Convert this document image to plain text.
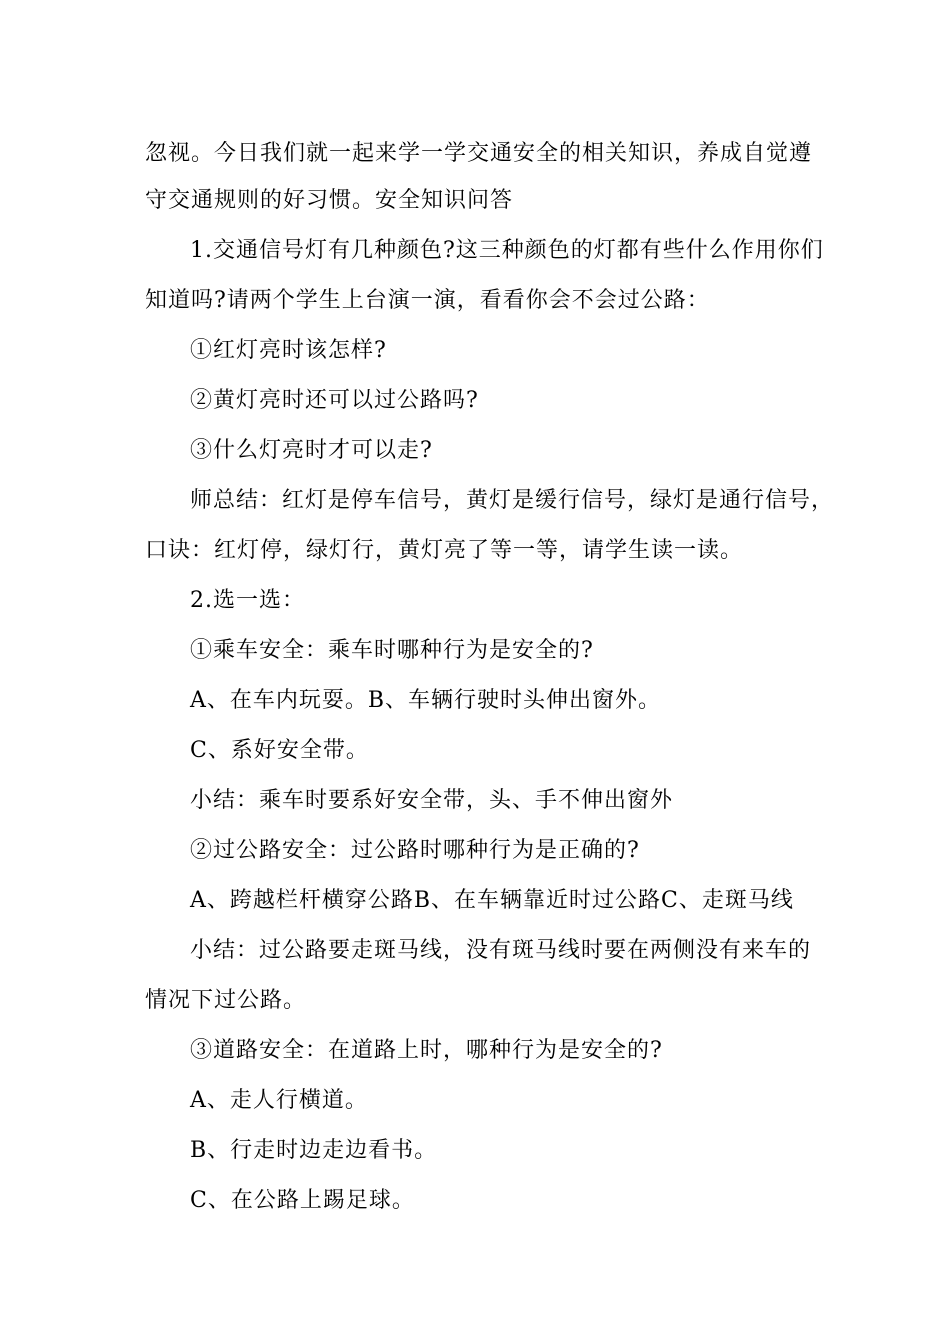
忽视。今日我们就一起来学一学交通安全的相关知识，养成自觉遵
守交通规则的好习惯。安全知识问答
1.交通信号灯有几种颜色?这三种颜色的灯都有些什么作用你们
知道吗?请两个学生上台演一演，看看你会不会过公路：
①红灯亮时该怎样?
②黄灯亮时还可以过公路吗?
③什么灯亮时才可以走?
师总结：红灯是停车信号，黄灯是缓行信号，绿灯是通行信号，
口诀：红灯停，绿灯行，黄灯亮了等一等，请学生读一读。
2.选一选：
①乘车安全：乘车时哪种行为是安全的?
A、在车内玩耍。B、车辆行驶时头伸出窗外。
C、系好安全带。
小结：乘车时要系好安全带，头、手不伸出窗外
②过公路安全：过公路时哪种行为是正确的?
A、跨越栏杆横穿公路B、在车辆靠近时过公路C、走斑马线
小结：过公路要走斑马线，没有斑马线时要在两侧没有来车的
情况下过公路。
③道路安全：在道路上时，哪种行为是安全的?
A、走人行横道。
B、行走时边走边看书。
C、在公路上踢足球。
